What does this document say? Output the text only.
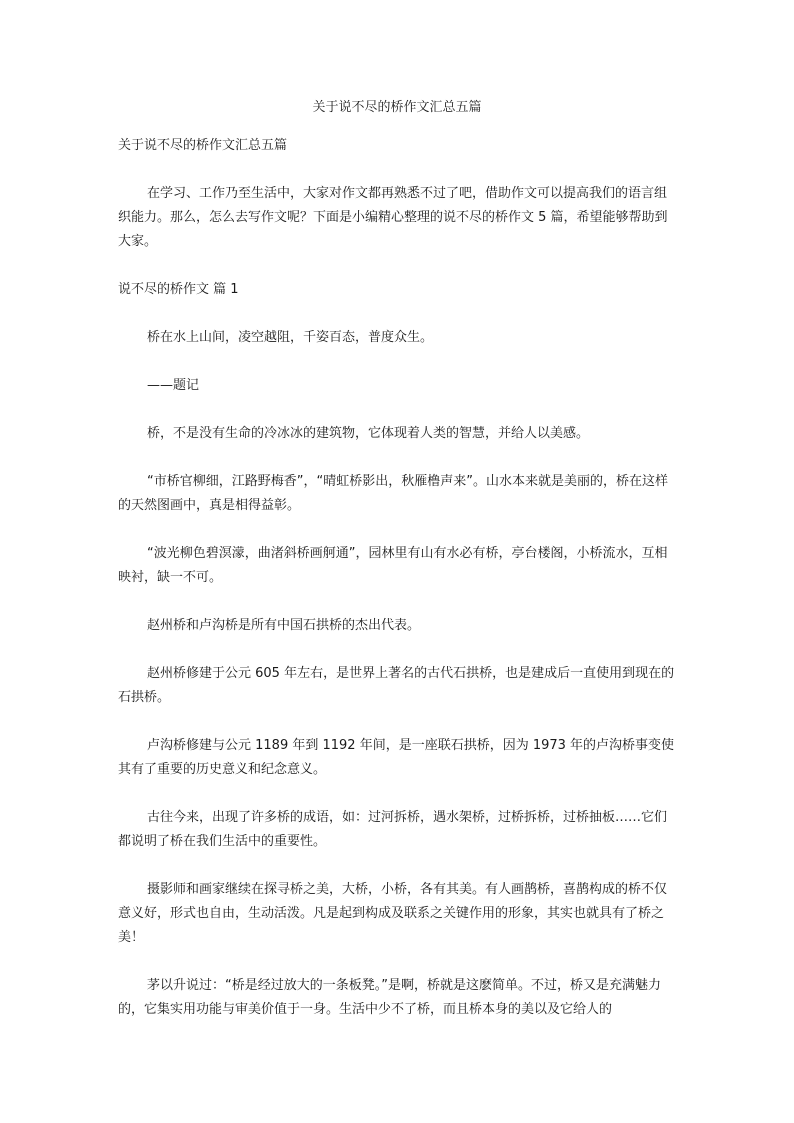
关于说不尽的桥作文汇总五篇

关于说不尽的桥作文汇总五篇

在学习、工作乃至生活中，大家对作文都再熟悉不过了吧，借助作文可以提高我们的语言组织能力。那么，怎么去写作文呢？下面是小编精心整理的说不尽的桥作文 5 篇，希望能够帮助到大家。

说不尽的桥作文 篇 1

桥在水上山间，凌空越阻，千姿百态，普度众生。

——题记

桥，不是没有生命的冷冰冰的建筑物，它体现着人类的智慧，并给人以美感。

“市桥官柳细，江路野梅香”，“晴虹桥影出，秋雁橹声来”。山水本来就是美丽的，桥在这样的天然图画中，真是相得益彰。

“波光柳色碧溟濛，曲渚斜桥画舸通”，园林里有山有水必有桥，亭台楼阁，小桥流水，互相映衬，缺一不可。

赵州桥和卢沟桥是所有中国石拱桥的杰出代表。

赵州桥修建于公元 605 年左右，是世界上著名的古代石拱桥，也是建成后一直使用到现在的石拱桥。

卢沟桥修建与公元 1189 年到 1192 年间，是一座联石拱桥，因为 1973 年的卢沟桥事变使其有了重要的历史意义和纪念意义。

古往今来，出现了许多桥的成语，如：过河拆桥，遇水架桥，过桥拆桥，过桥抽板……它们都说明了桥在我们生活中的重要性。

摄影师和画家继续在探寻桥之美，大桥，小桥，各有其美。有人画鹊桥，喜鹊构成的桥不仅意义好，形式也自由，生动活泼。凡是起到构成及联系之关键作用的形象，其实也就具有了桥之美！

茅以升说过：“桥是经过放大的一条板凳。”是啊，桥就是这麽简单。不过，桥又是充满魅力的，它集实用功能与审美价值于一身。生活中少不了桥，而且桥本身的美以及它给人的
